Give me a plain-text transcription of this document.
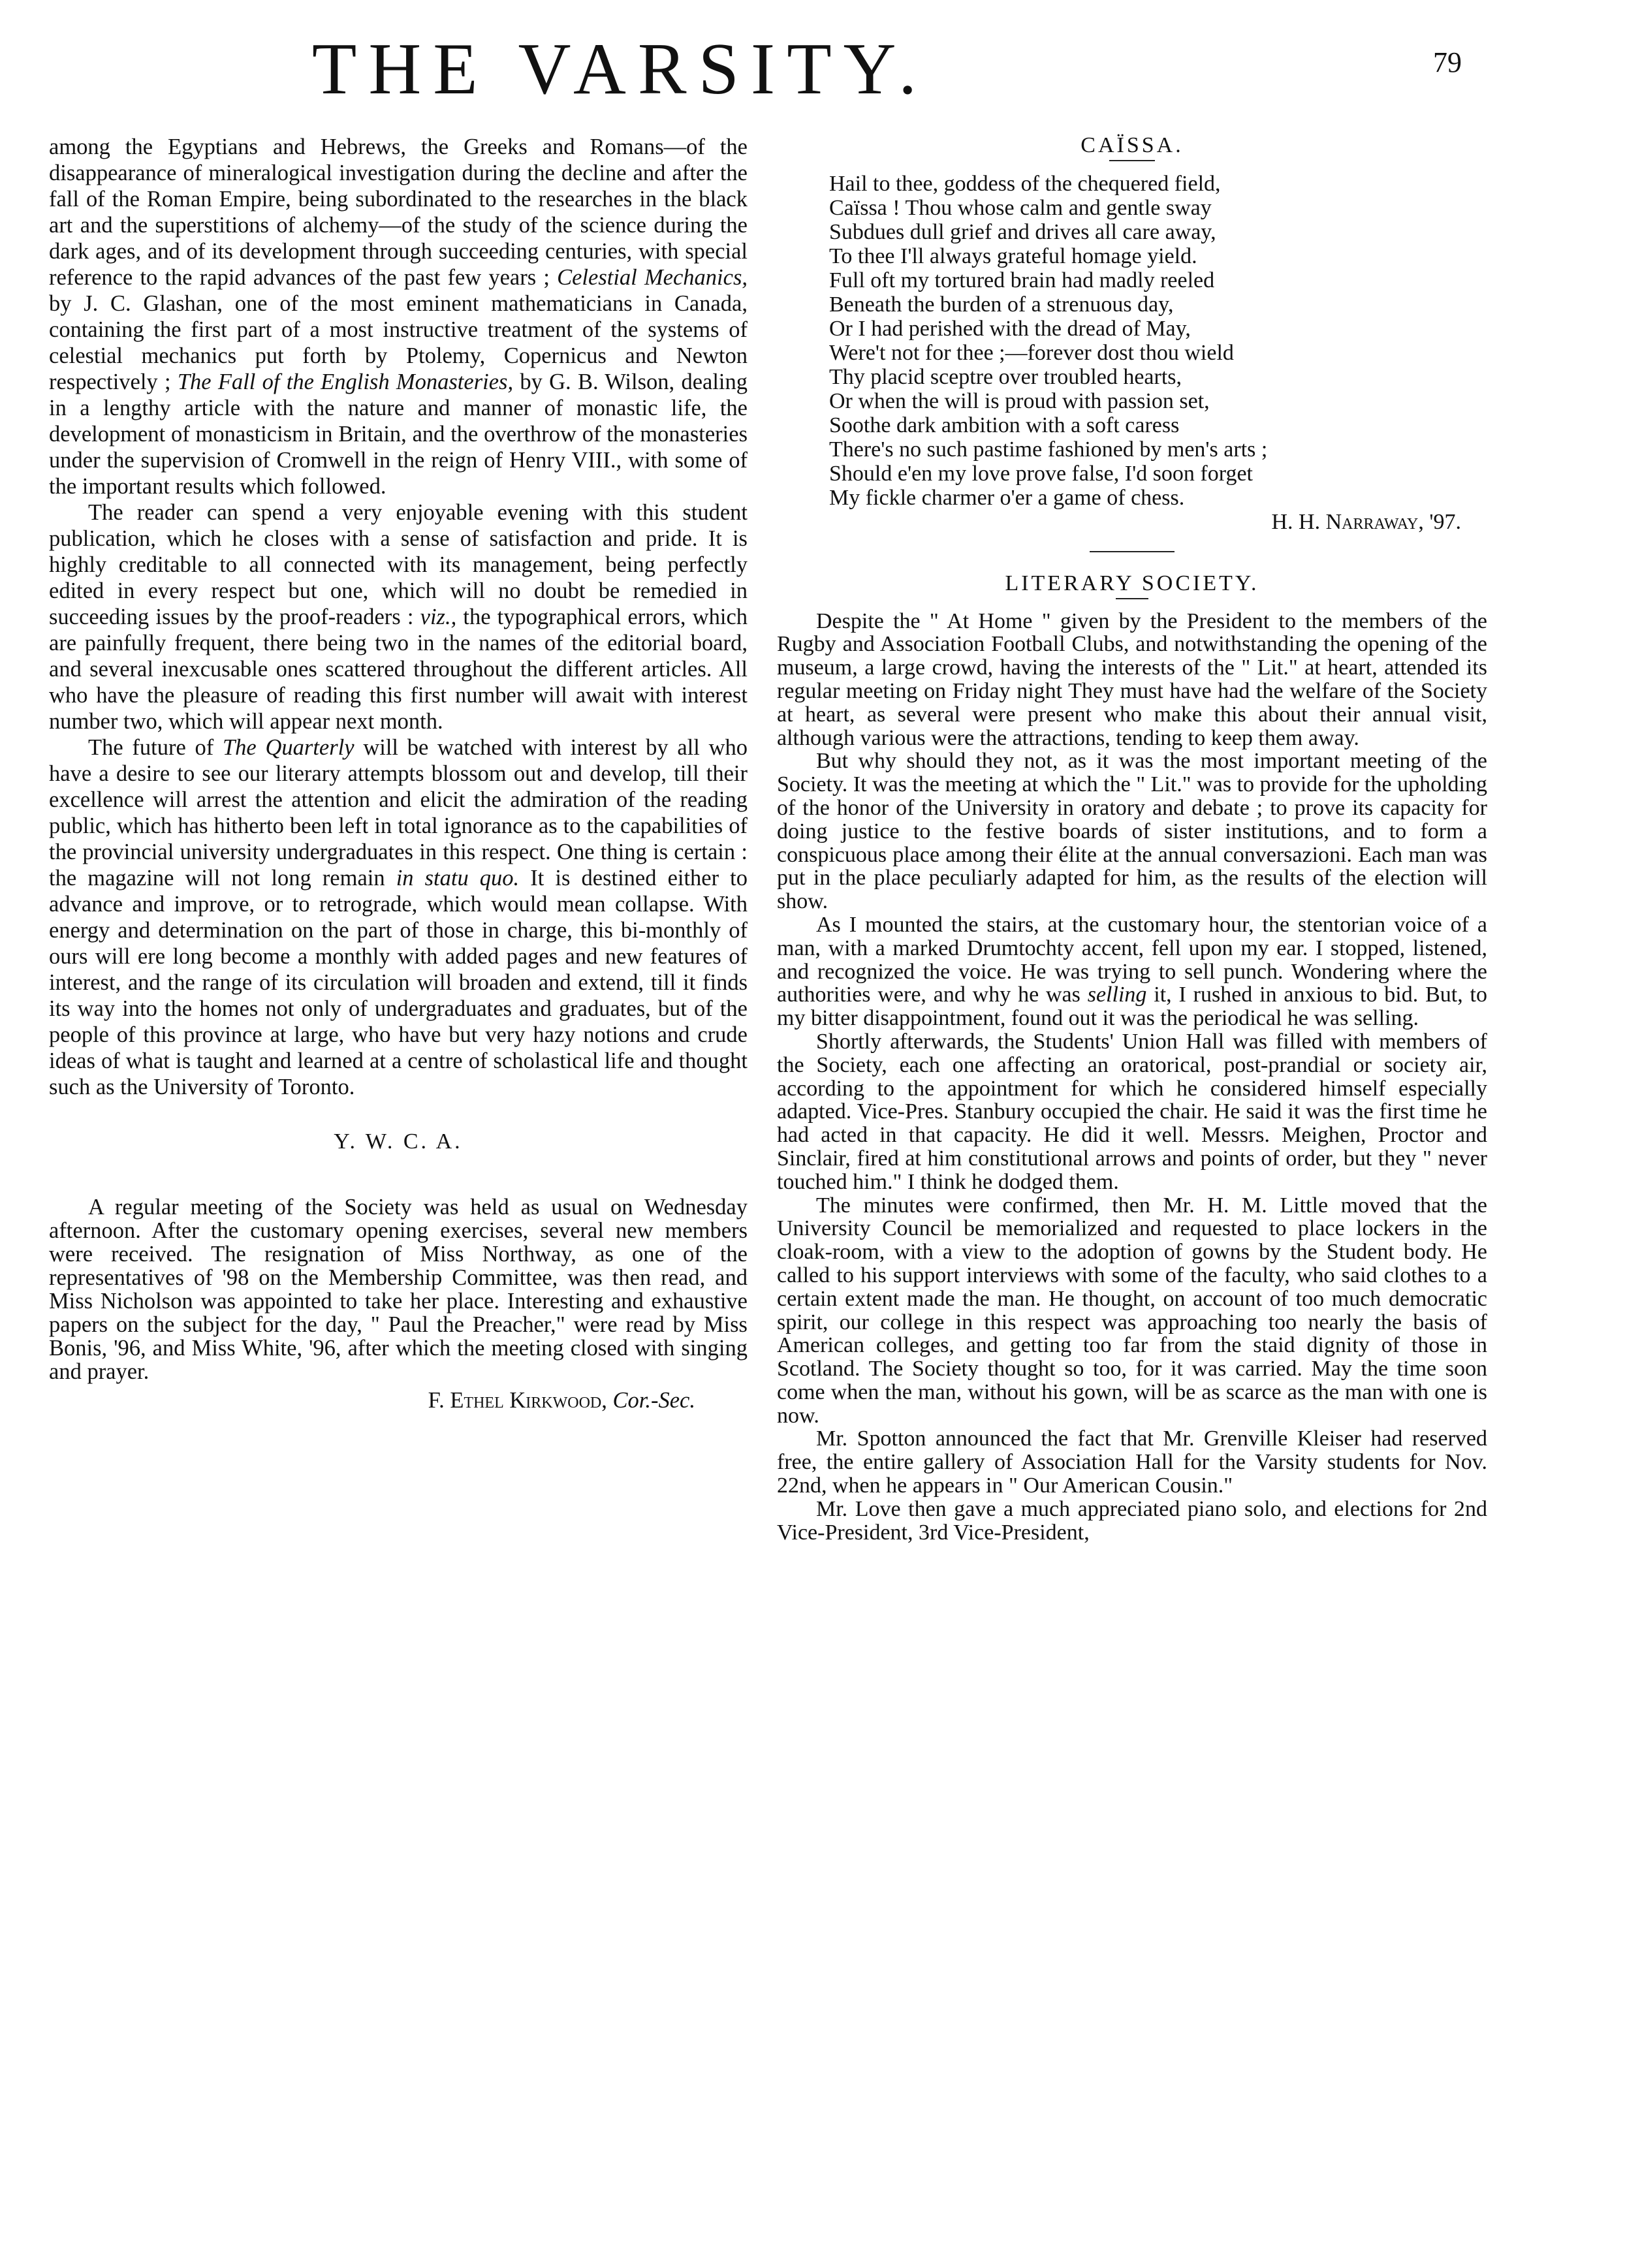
THE VARSITY.	79

among the Egyptians and Hebrews, the Greeks and Romans—of the disappearance of mineralogical investigation during the decline and after the fall of the Roman Empire, being subordinated to the researches in the black art and the superstitions of alchemy—of the study of the science during the dark ages, and of its development through succeeding centuries, with special reference to the rapid advances of the past few years ; Celestial Mechanics, by J. C. Glashan, one of the most eminent mathematicians in Canada, containing the first part of a most instructive treatment of the systems of celestial mechanics put forth by Ptolemy, Copernicus and Newton respectively ; The Fall of the English Monasteries, by G. B. Wilson, dealing in a lengthy article with the nature and manner of monastic life, the development of monasticism in Britain, and the overthrow of the monasteries under the supervision of Cromwell in the reign of Henry VIII., with some of the important results which followed.

The reader can spend a very enjoyable evening with this student publication, which he closes with a sense of satisfaction and pride. It is highly creditable to all connected with its management, being perfectly edited in every respect but one, which will no doubt be remedied in succeeding issues by the proof-readers : viz., the typographical errors, which are painfully frequent, there being two in the names of the editorial board, and several inexcusable ones scattered throughout the different articles. All who have the pleasure of reading this first number will await with interest number two, which will appear next month.

The future of The Quarterly will be watched with interest by all who have a desire to see our literary attempts blossom out and develop, till their excellence will arrest the attention and elicit the admiration of the reading public, which has hitherto been left in total ignorance as to the capabilities of the provincial university undergraduates in this respect. One thing is certain : the magazine will not long remain in statu quo. It is destined either to advance and improve, or to retrograde, which would mean collapse. With energy and determination on the part of those in charge, this bi-monthly of ours will ere long become a monthly with added pages and new features of interest, and the range of its circulation will broaden and extend, till it finds its way into the homes not only of undergraduates and graduates, but of the people of this province at large, who have but very hazy notions and crude ideas of what is taught and learned at a centre of scholastical life and thought such as the University of Toronto.

Y. W. C. A.

A regular meeting of the Society was held as usual on Wednesday afternoon. After the customary opening exercises, several new members were received. The resignation of Miss Northway, as one of the representatives of '98 on the Membership Committee, was then read, and Miss Nicholson was appointed to take her place. Interesting and exhaustive papers on the subject for the day, " Paul the Preacher," were read by Miss Bonis, '96, and Miss White, '96, after which the meeting closed with singing and prayer.

F. Ethel Kirkwood, Cor.-Sec.
CAÏSSA.
Hail to thee, goddess of the chequered field,
Caïssa ! Thou whose calm and gentle sway
Subdues dull grief and drives all care away,
To thee I'll always grateful homage yield.
Full oft my tortured brain had madly reeled
Beneath the burden of a strenuous day,
Or I had perished with the dread of May,
Were't not for thee ;—forever dost thou wield
Thy placid sceptre over troubled hearts,
Or when the will is proud with passion set,
Soothe dark ambition with a soft caress
There's no such pastime fashioned by men's arts ;
Should e'en my love prove false, I'd soon forget
My fickle charmer o'er a game of chess.
H. H. Narraway, '97.
LITERARY SOCIETY.

Despite the " At Home " given by the President to the members of the Rugby and Association Football Clubs, and notwithstanding the opening of the museum, a large crowd, having the interests of the " Lit." at heart, attended its regular meeting on Friday night They must have had the welfare of the Society at heart, as several were present who make this about their annual visit, although various were the attractions, tending to keep them away.

But why should they not, as it was the most important meeting of the Society. It was the meeting at which the " Lit." was to provide for the upholding of the honor of the University in oratory and debate ; to prove its capacity for doing justice to the festive boards of sister institutions, and to form a conspicuous place among their élite at the annual conversazioni. Each man was put in the place peculiarly adapted for him, as the results of the election will show.

As I mounted the stairs, at the customary hour, the stentorian voice of a man, with a marked Drumtochty accent, fell upon my ear. I stopped, listened, and recognized the voice. He was trying to sell punch. Wondering where the authorities were, and why he was selling it, I rushed in anxious to bid. But, to my bitter disappointment, found out it was the periodical he was selling.

Shortly afterwards, the Students' Union Hall was filled with members of the Society, each one affecting an oratorical, post-prandial or society air, according to the appointment for which he considered himself especially adapted. Vice-Pres. Stanbury occupied the chair. He said it was the first time he had acted in that capacity. He did it well. Messrs. Meighen, Proctor and Sinclair, fired at him constitutional arrows and points of order, but they " never touched him." I think he dodged them.

The minutes were confirmed, then Mr. H. M. Little moved that the University Council be memorialized and requested to place lockers in the cloak-room, with a view to the adoption of gowns by the Student body. He called to his support interviews with some of the faculty, who said clothes to a certain extent made the man. He thought, on account of too much democratic spirit, our college in this respect was approaching too nearly the basis of American colleges, and getting too far from the staid dignity of those in Scotland. The Society thought so too, for it was carried. May the time soon come when the man, without his gown, will be as scarce as the man with one is now.

Mr. Spotton announced the fact that Mr. Grenville Kleiser had reserved free, the entire gallery of Association Hall for the Varsity students for Nov. 22nd, when he appears in " Our American Cousin."

Mr. Love then gave a much appreciated piano solo, and elections for 2nd Vice-President, 3rd Vice-President,
